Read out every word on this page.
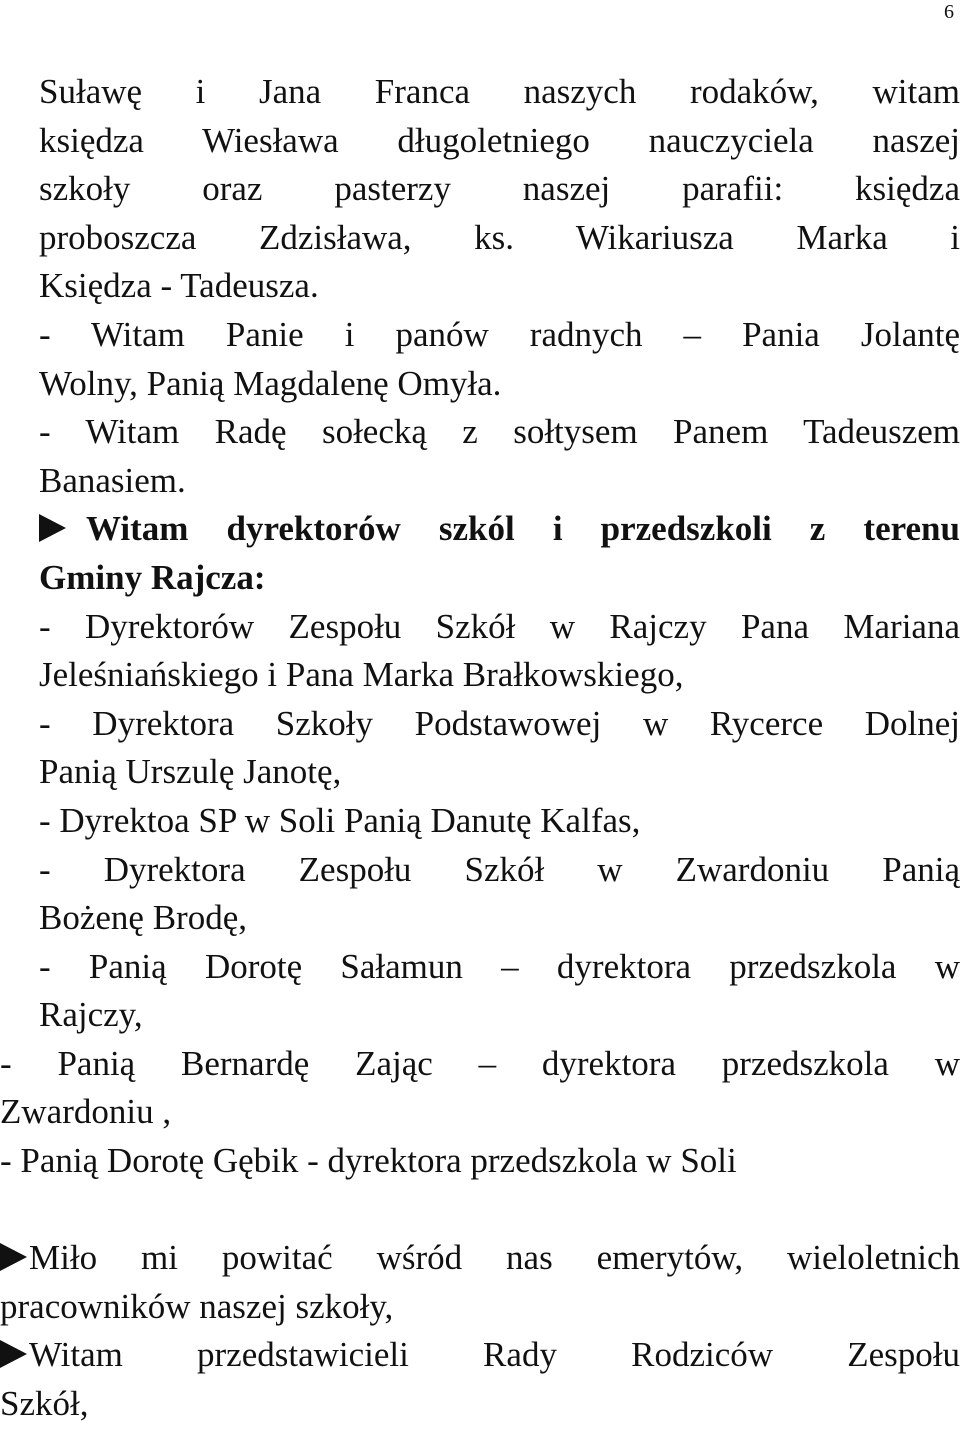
6
Suławę i Jana Franca naszych rodaków, witam
księdza Wiesława długoletniego nauczyciela naszej
szkoły oraz pasterzy naszej parafii: księdza
proboszcza Zdzisława, ks. Wikariusza Marka i
Księdza - Tadeusza.
- Witam Panie i panów radnych – Pania Jolantę
Wolny, Panią Magdalenę Omyła.
- Witam Radę sołecką z sołtysem Panem Tadeuszem
Banasiem.
Witam dyrektorów szkól i przedszkoli z terenu
Gminy Rajcza:
- Dyrektorów Zespołu Szkół w Rajczy Pana Mariana
Jeleśniańskiego i Pana Marka Brałkowskiego,
- Dyrektora Szkoły Podstawowej w Rycerce Dolnej
Panią Urszulę Janotę,
- Dyrektoa SP w Soli Panią Danutę Kalfas,
- Dyrektora Zespołu Szkół w Zwardoniu Panią
Bożenę Brodę,
- Panią Dorotę Sałamun – dyrektora przedszkola w
Rajczy,
- Panią Bernardę Zając – dyrektora przedszkola w
Zwardoniu ,
- Panią Dorotę Gębik - dyrektora przedszkola w Soli
Miło mi powitać wśród nas emerytów, wieloletnich
pracowników naszej szkoły,
Witam przedstawicieli Rady Rodziców Zespołu
Szkół,
